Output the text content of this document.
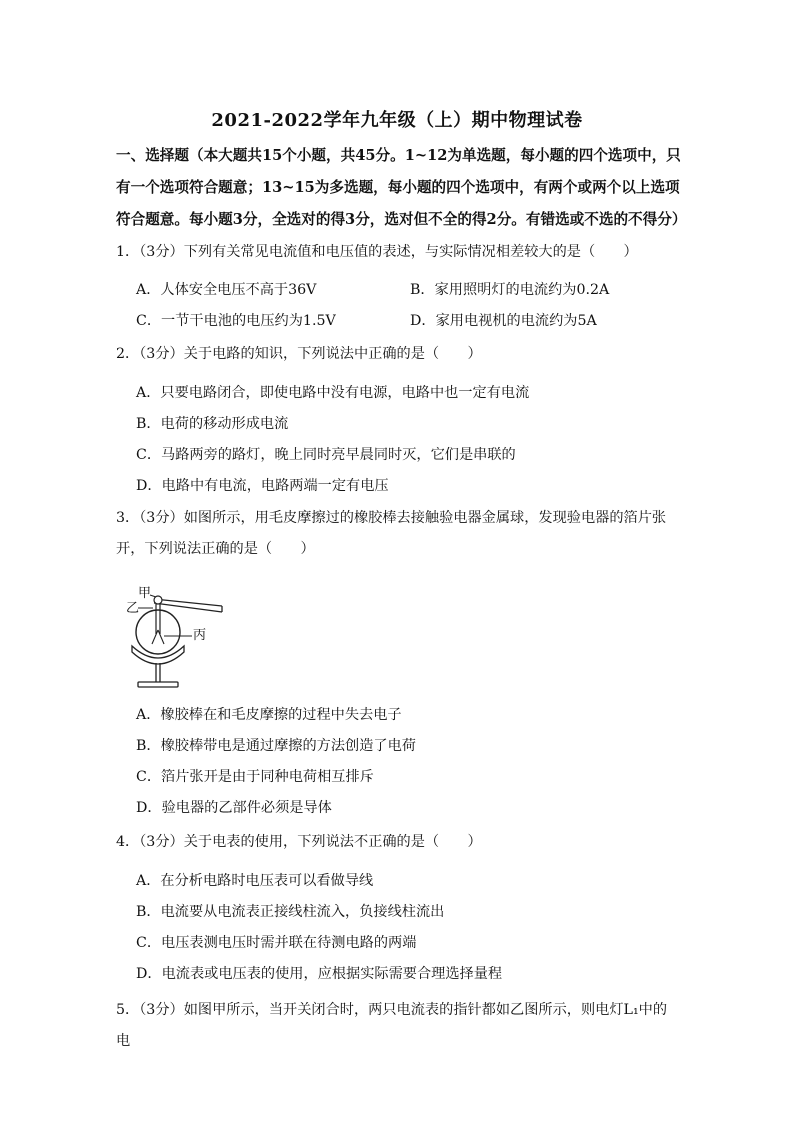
2021-2022学年九年级（上）期中物理试卷
一、选择题（本大题共15个小题，共45分。1~12为单选题，每小题的四个选项中，只有一个选项符合题意；13~15为多选题，每小题的四个选项中，有两个或两个以上选项符合题意。每小题3分，全选对的得3分，选对但不全的得2分。有错选或不选的不得分）
1．（3分）下列有关常见电流值和电压值的表述，与实际情况相差较大的是（　　）
A．人体安全电压不高于36V	B．家用照明灯的电流约为0.2A
C．一节干电池的电压约为1.5V	D．家用电视机的电流约为5A
2．（3分）关于电路的知识，下列说法中正确的是（　　）
A．只要电路闭合，即使电路中没有电源，电路中也一定有电流
B．电荷的移动形成电流
C．马路两旁的路灯，晚上同时亮早晨同时灭，它们是串联的
D．电路中有电流，电路两端一定有电压
3．（3分）如图所示，用毛皮摩擦过的橡胶棒去接触验电器金属球，发现验电器的箔片张开，下列说法正确的是（　　）
甲
乙
丙
A．橡胶棒在和毛皮摩擦的过程中失去电子
B．橡胶棒带电是通过摩擦的方法创造了电荷
C．箔片张开是由于同种电荷相互排斥
D．验电器的乙部件必须是导体
4．（3分）关于电表的使用，下列说法不正确的是（　　）
A．在分析电路时电压表可以看做导线
B．电流要从电流表正接线柱流入，负接线柱流出
C．电压表测电压时需并联在待测电路的两端
D．电流表或电压表的使用，应根据实际需要合理选择量程
5．（3分）如图甲所示，当开关闭合时，两只电流表的指针都如乙图所示，则电灯L₁中的电
